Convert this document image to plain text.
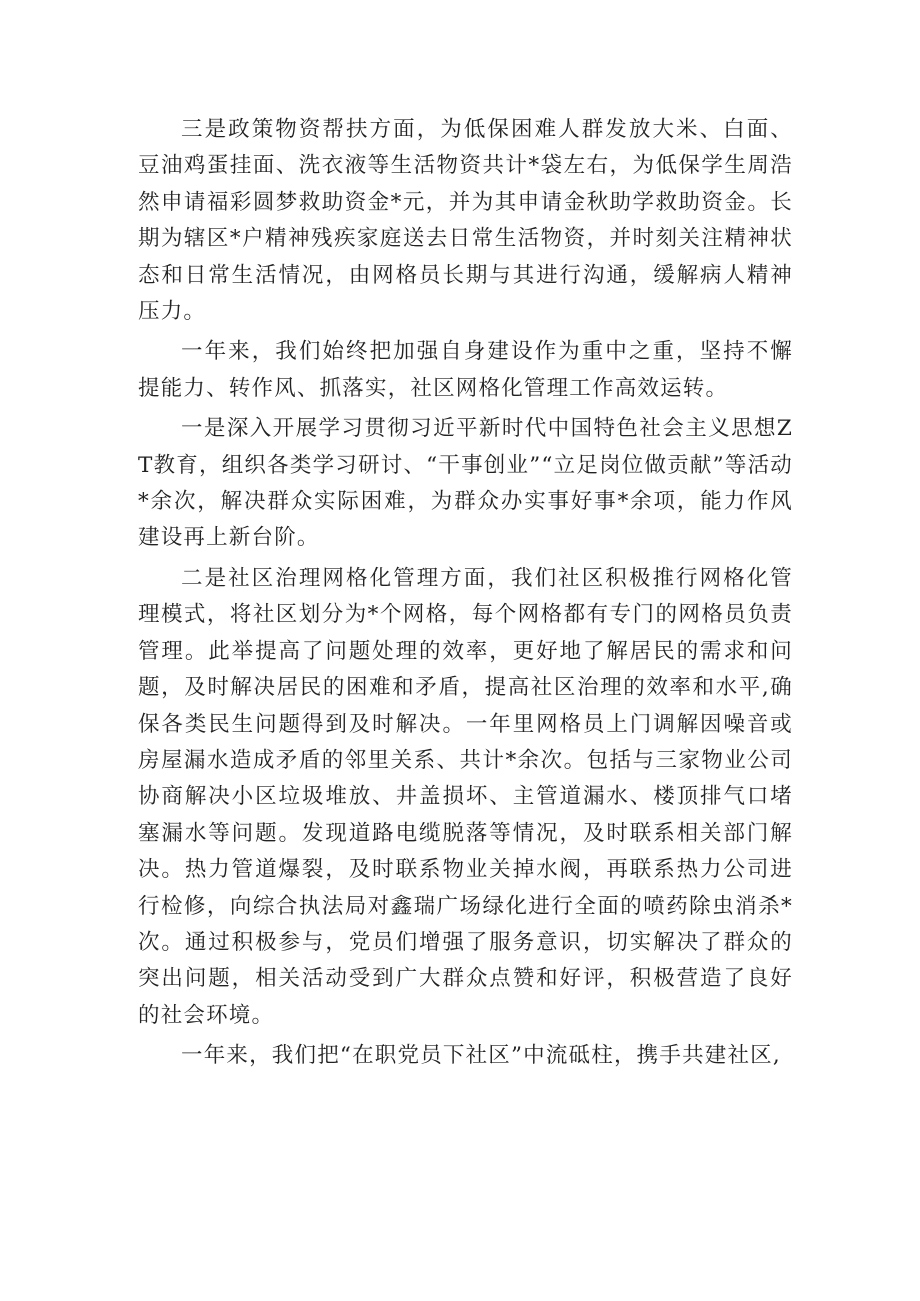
三是政策物资帮扶方面，为低保困难人群发放大米、白面、豆油鸡蛋挂面、洗衣液等生活物资共计*袋左右，为低保学生周浩然申请福彩圆梦救助资金*元，并为其申请金秋助学救助资金。长期为辖区*户精神残疾家庭送去日常生活物资，并时刻关注精神状态和日常生活情况，由网格员长期与其进行沟通，缓解病人精神压力。

一年来，我们始终把加强自身建设作为重中之重，坚持不懈提能力、转作风、抓落实，社区网格化管理工作高效运转。

一是深入开展学习贯彻习近平新时代中国特色社会主义思想ZT教育，组织各类学习研讨、“干事创业”“立足岗位做贡献”等活动*余次，解决群众实际困难，为群众办实事好事*余项，能力作风建设再上新台阶。

二是社区治理网格化管理方面，我们社区积极推行网格化管理模式，将社区划分为*个网格，每个网格都有专门的网格员负责管理。此举提高了问题处理的效率，更好地了解居民的需求和问题，及时解决居民的困难和矛盾，提高社区治理的效率和水平,确保各类民生问题得到及时解决。一年里网格员上门调解因噪音或房屋漏水造成矛盾的邻里关系、共计*余次。包括与三家物业公司协商解决小区垃圾堆放、井盖损坏、主管道漏水、楼顶排气口堵塞漏水等问题。发现道路电缆脱落等情况，及时联系相关部门解决。热力管道爆裂，及时联系物业关掉水阀，再联系热力公司进行检修，向综合执法局对鑫瑞广场绿化进行全面的喷药除虫消杀*次。通过积极参与，党员们增强了服务意识，切实解决了群众的突出问题，相关活动受到广大群众点赞和好评，积极营造了良好的社会环境。

一年来，我们把“在职党员下社区”中流砥柱，携手共建社区,
